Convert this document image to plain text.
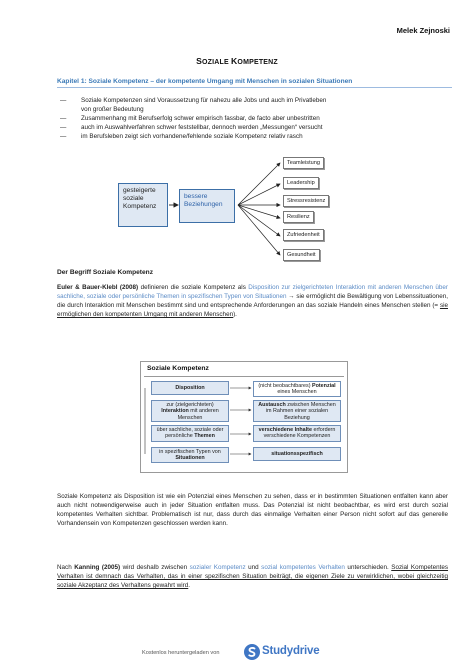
Melek Zejnoski
SOZIALE KOMPETENZ
Kapitel 1: Soziale Kompetenz – der kompetente Umgang mit Menschen in sozialen Situationen
— Soziale Kompetenzen sind Voraussetzung für nahezu alle Jobs und auch im Privatleben
von großer Bedeutung
— Zusammenhang mit Berufserfolg schwer empirisch fassbar, de facto aber unbestritten
— auch im Auswahlverfahren schwer feststellbar, dennoch werden „Messungen“ versucht
— im Berufsleben zeigt sich vorhandene/fehlende soziale Kompetenz relativ rasch
gesteigerte soziale Kompetenz
bessere Beziehungen
Teamleistung
Leadership
Stressresistenz
Resilienz
Zufriedenheit
Gesundheit
Der Begriff Soziale Kompetenz
Euler & Bauer-Klebl (2008) definieren die soziale Kompetenz als Disposition zur zielgerichteten Interaktion mit anderen Menschen über sachliche, soziale oder persönliche Themen in spezifischen Typen von Situationen → sie ermöglicht die Bewältigung von Lebenssituationen, die durch Interaktion mit Menschen bestimmt sind und entsprechende Anforderungen an das soziale Handeln eines Menschen stellen (= sie ermöglichen den kompetenten Umgang mit anderen Menschen).
Soziale Kompetenz
Disposition
zur (zielgerichteten) Interaktion mit anderen Menschen
über sachliche, soziale oder persönliche Themen
in spezifischen Typen von Situationen
(nicht beobachtbares) Potenzial eines Menschen
Austausch zwischen Menschen im Rahmen einer sozialen Beziehung
verschiedene Inhalte erfordern verschiedene Kompetenzen
situationsspezifisch
Soziale Kompetenz als Disposition ist wie ein Potenzial eines Menschen zu sehen, dass er in bestimmten Situationen entfalten kann aber auch nicht notwendigerweise auch in jeder Situation entfalten muss. Das Potenzial ist nicht beobachtbar, es wird erst durch sozial kompetentes Verhalten sichtbar. Problematisch ist nur, dass durch das einmalige Verhalten einer Person nicht sofort auf das generelle Vorhandensein von Kompetenzen geschlossen werden kann.
Nach Kanning (2005) wird deshalb zwischen sozialer Kompetenz und sozial kompetentes Verhalten unterschieden. Sozial Kompetentes Verhalten ist demnach das Verhalten, das in einer spezifischen Situation beiträgt, die eigenen Ziele zu verwirklichen, wobei gleichzeitig soziale Akzeptanz des Verhaltens gewahrt wird.
Kostenlos heruntergeladen von	Studydrive
